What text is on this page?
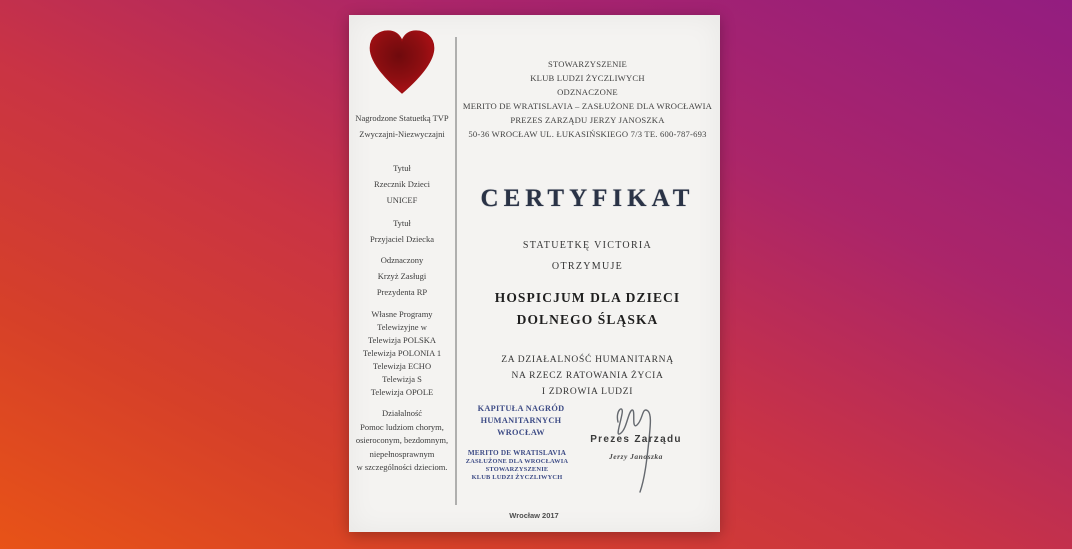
Nagrodzone Statuetką TVP
Zwyczajni-Niezwyczajni
Tytuł
Rzecznik Dzieci
UNICEF
Tytuł
Przyjaciel Dziecka
Odznaczony
Krzyż Zasługi
Prezydenta RP
Własne Programy
Telewizyjne w
Telewizja POLSKA
Telewizja POLONIA 1
Telewizja ECHO
Telewizja S
Telewizja OPOLE
Działalność
Pomoc ludziom chorym,
osieroconym, bezdomnym,
niepełnosprawnym
w szczególności dzieciom.
STOWARZYSZENIE
KLUB LUDZI ŻYCZLIWYCH
ODZNACZONE
MERITO DE WRATISLAVIA – ZASŁUŻONE DLA WROCŁAWIA
PREZES ZARZĄDU JERZY JANOSZKA
50-36 WROCŁAW UL. ŁUKASIŃSKIEGO 7/3 TE. 600-787-693
CERTYFIKAT
STATUETKĘ VICTORIA
OTRZYMUJE
HOSPICJUM DLA DZIECI
DOLNEGO ŚLĄSKA
ZA DZIAŁALNOŚĆ HUMANITARNĄ
NA RZECZ RATOWANIA ŻYCIA
I ZDROWIA LUDZI
KAPITUŁA NAGRÓD
HUMANITARNYCH
WROCŁAW
MERITO DE WRATISLAVIA
ZASŁUŻONE DLA WROCŁAWIA
STOWARZYSZENIE
KLUB LUDZI ŻYCZLIWYCH
Prezes Zarządu
Jerzy Janoszka
Wrocław 2017
